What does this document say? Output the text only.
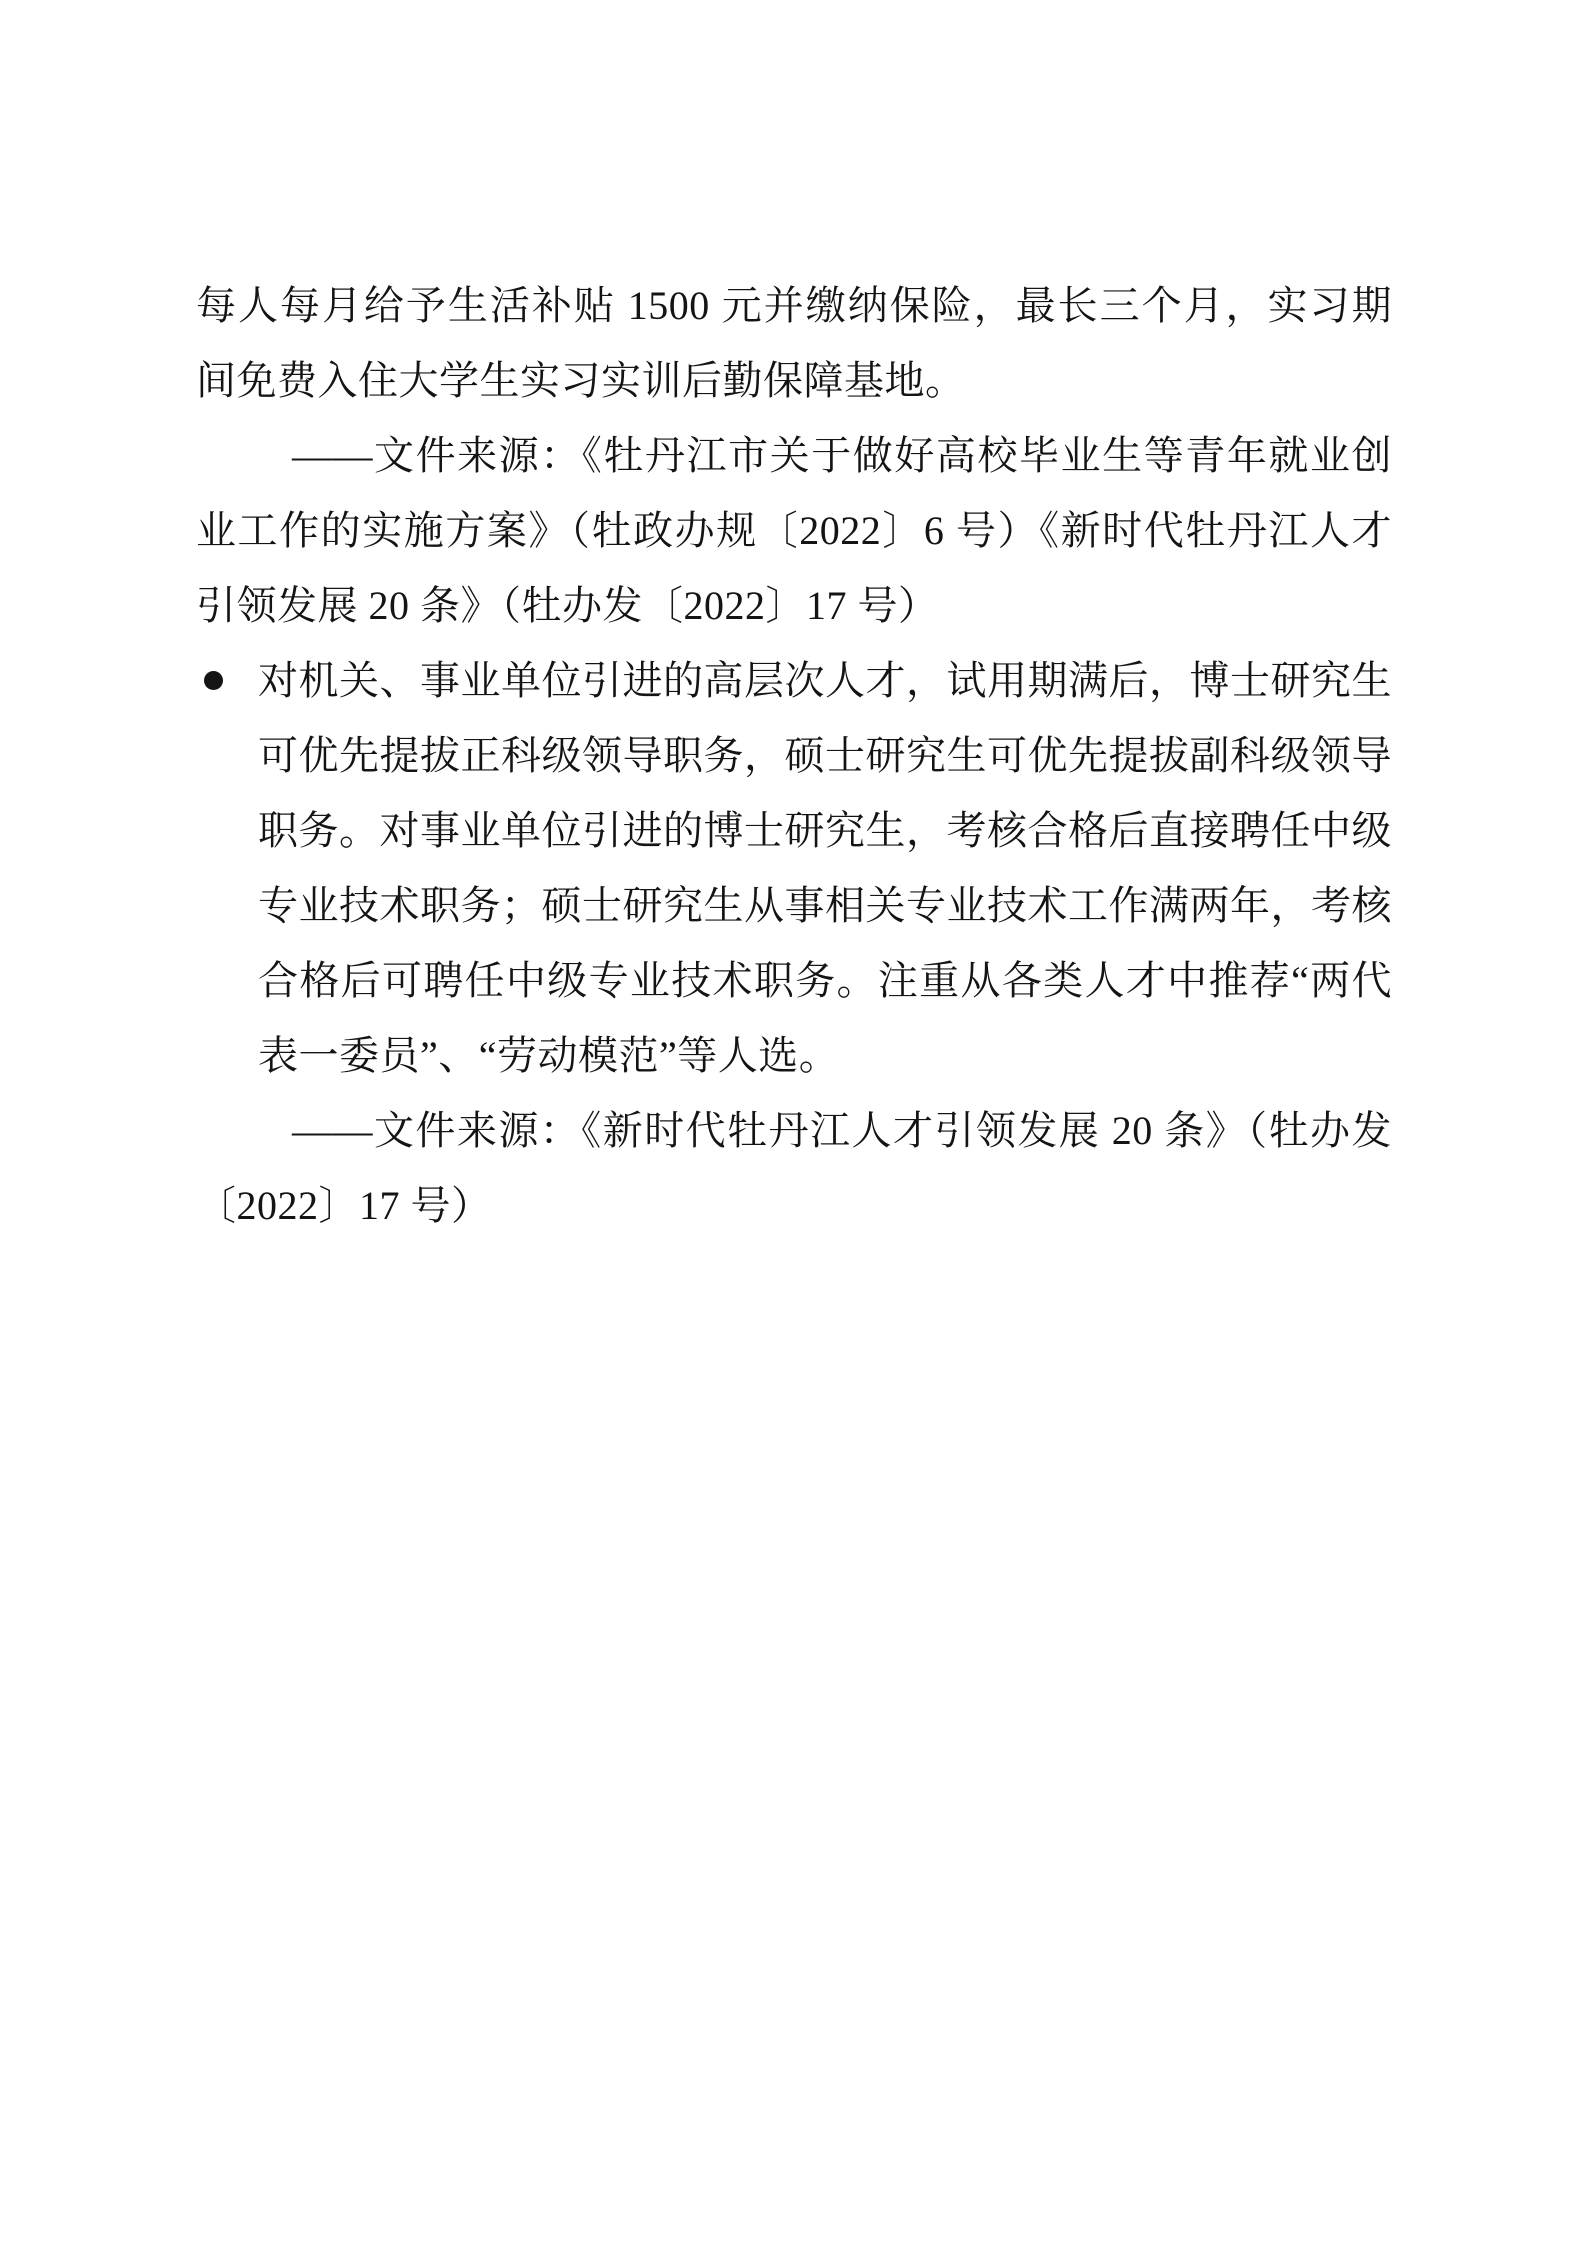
每人每月给予生活补贴 1500 元并缴纳保险，最长三个月，实习期间免费入住大学生实习实训后勤保障基地。

——文件来源：《牡丹江市关于做好高校毕业生等青年就业创业工作的实施方案》（牡政办规〔2022〕6 号）《新时代牡丹江人才引领发展 20 条》（牡办发〔2022〕17 号）

对机关、事业单位引进的高层次人才，试用期满后，博士研究生可优先提拔正科级领导职务，硕士研究生可优先提拔副科级领导职务。对事业单位引进的博士研究生，考核合格后直接聘任中级专业技术职务；硕士研究生从事相关专业技术工作满两年，考核合格后可聘任中级专业技术职务。注重从各类人才中推荐“两代表一委员”、“劳动模范”等人选。

——文件来源：《新时代牡丹江人才引领发展 20 条》（牡办发〔2022〕17 号）
